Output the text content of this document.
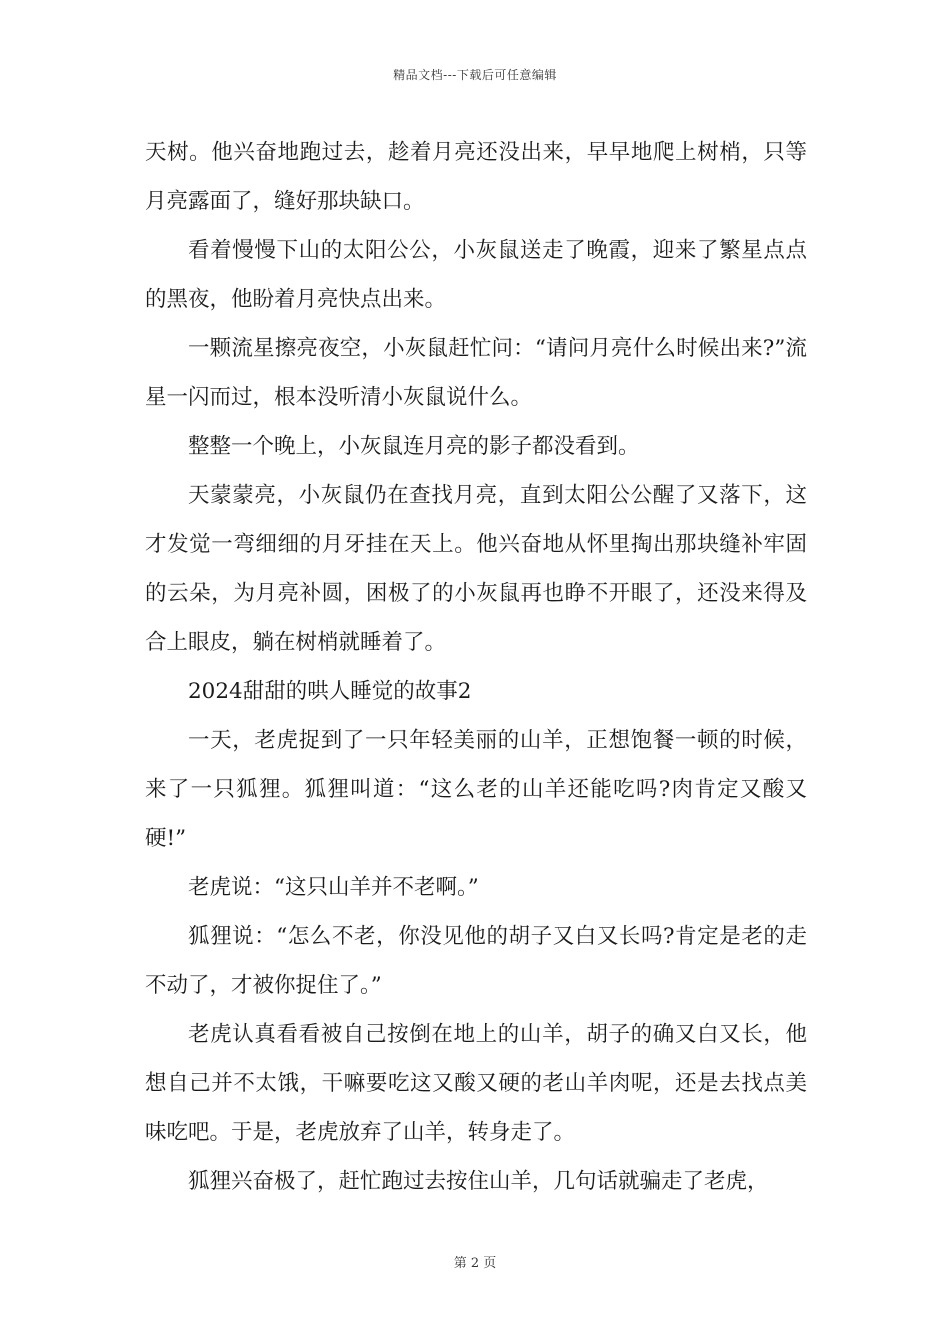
精品文档---下载后可任意编辑

天树。他兴奋地跑过去，趁着月亮还没出来，早早地爬上树梢，只等月亮露面了，缝好那块缺口。

看着慢慢下山的太阳公公，小灰鼠送走了晚霞，迎来了繁星点点的黑夜，他盼着月亮快点出来。

一颗流星擦亮夜空，小灰鼠赶忙问：“请问月亮什么时候出来?”流星一闪而过，根本没听清小灰鼠说什么。

整整一个晚上，小灰鼠连月亮的影子都没看到。

天蒙蒙亮，小灰鼠仍在查找月亮，直到太阳公公醒了又落下，这才发觉一弯细细的月牙挂在天上。他兴奋地从怀里掏出那块缝补牢固的云朵，为月亮补圆，困极了的小灰鼠再也睁不开眼了，还没来得及合上眼皮，躺在树梢就睡着了。

2024甜甜的哄人睡觉的故事2

一天，老虎捉到了一只年轻美丽的山羊，正想饱餐一顿的时候，来了一只狐狸。狐狸叫道：“这么老的山羊还能吃吗?肉肯定又酸又硬!”

老虎说：“这只山羊并不老啊。”

狐狸说：“怎么不老，你没见他的胡子又白又长吗?肯定是老的走不动了，才被你捉住了。”

老虎认真看看被自己按倒在地上的山羊，胡子的确又白又长，他想自己并不太饿，干嘛要吃这又酸又硬的老山羊肉呢，还是去找点美味吃吧。于是，老虎放弃了山羊，转身走了。

狐狸兴奋极了，赶忙跑过去按住山羊，几句话就骗走了老虎，

第 2 页
